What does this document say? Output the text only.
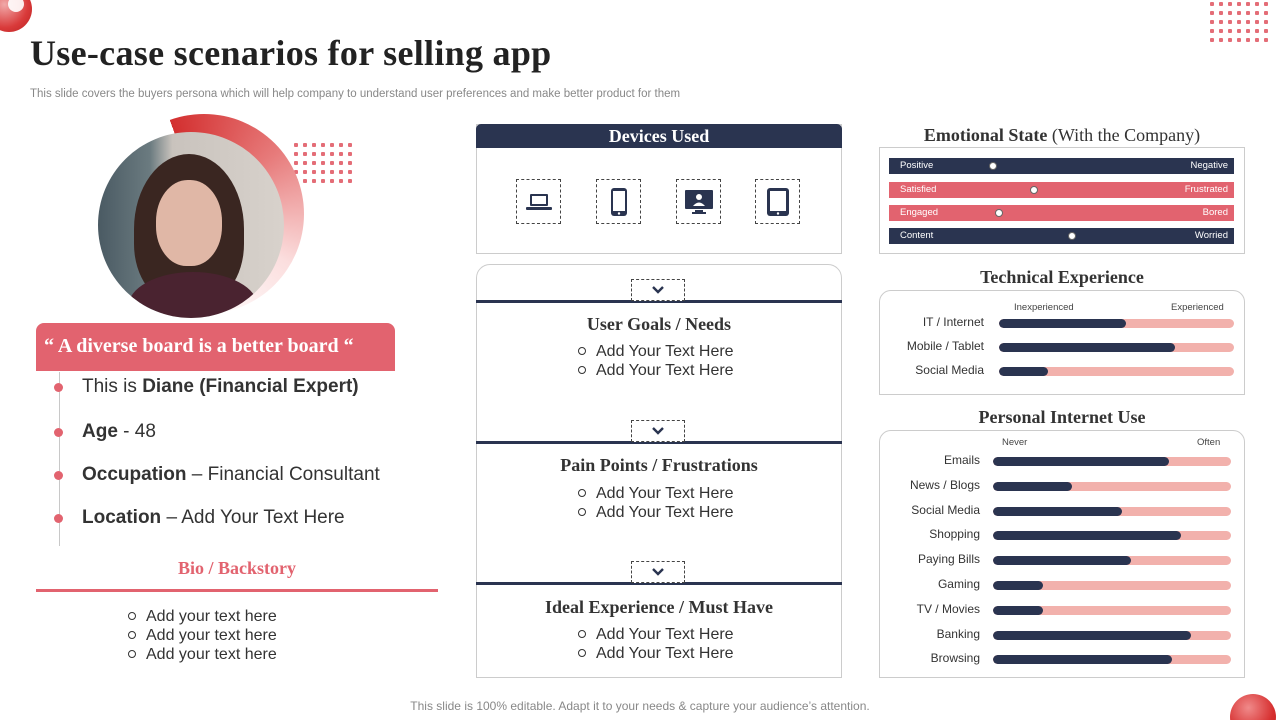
Use-case scenarios for selling app
This slide covers the buyers persona which will help company to understand user preferences and make better product for them
“ A diverse board is a better board “
This is Diane (Financial Expert)
Age - 48
Occupation – Financial Consultant
Location – Add Your Text Here
Bio / Backstory
Add your text here
Add your text here
Add your text here
Devices Used
User Goals / Needs
Add Your Text Here
Add Your Text Here
Pain Points / Frustrations
Add Your Text Here
Add Your Text Here
Ideal Experience / Must Have
Add Your Text Here
Add Your Text Here
Emotional State (With the Company)
Positive	Negative
Satisfied	Frustrated
Engaged	Bored
Content	Worried
Technical Experience
Inexperienced	Experienced
IT / Internet
Mobile / Tablet
Social Media
Personal Internet Use
Never	Often
Emails
News / Blogs
Social Media
Shopping
Paying Bills
Gaming
TV / Movies
Banking
Browsing
This slide is 100% editable. Adapt it to your needs & capture your audience’s attention.
